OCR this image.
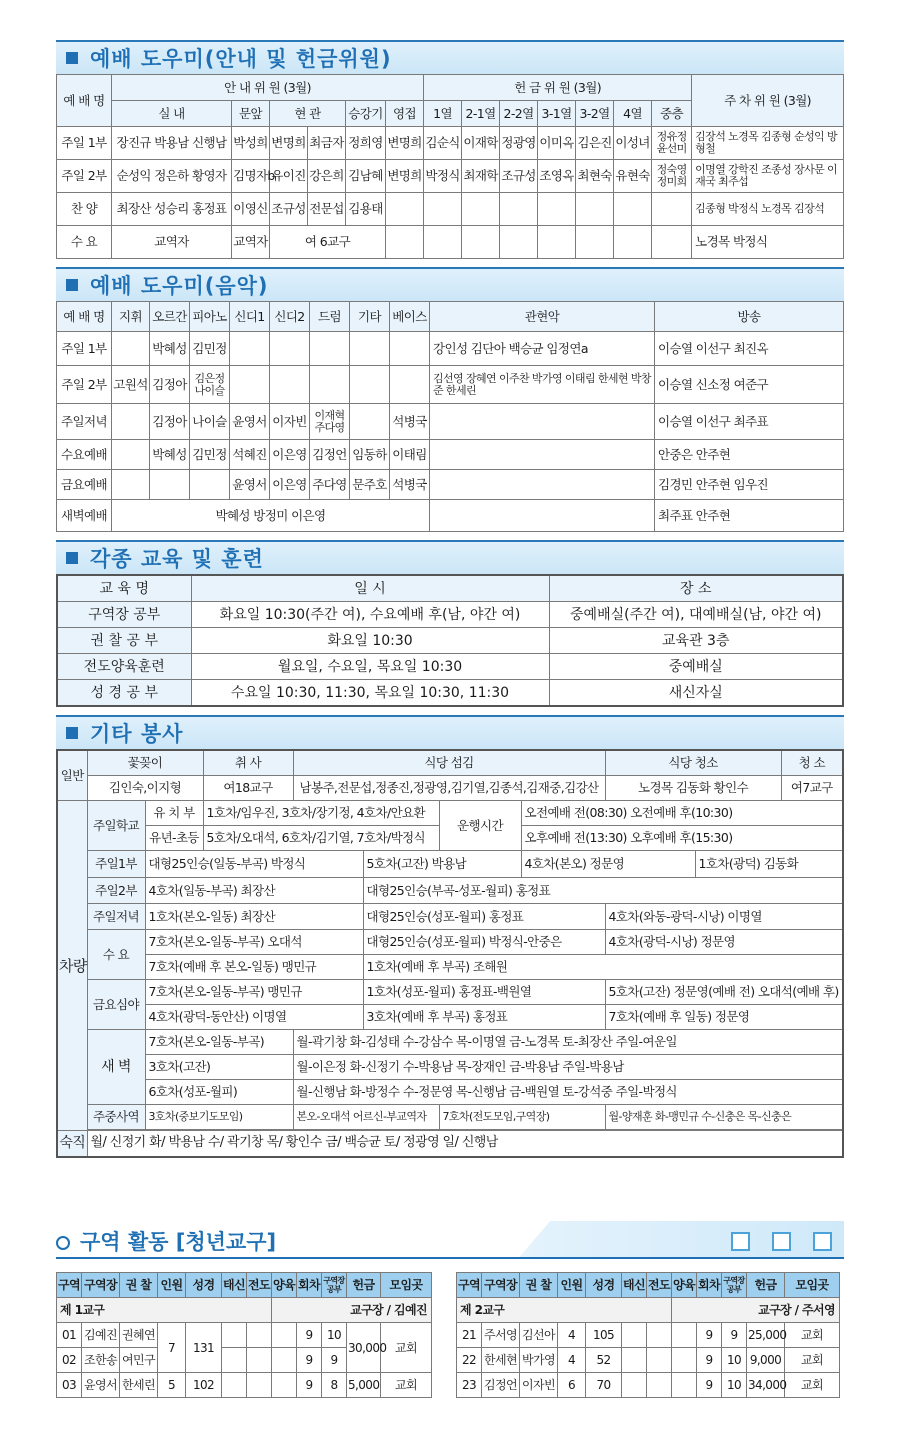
예배 도우미(안내 및 헌금위원)
예 배 명	안 내 위 원 (3월)						헌 금 위 원 (3월)							주 차 위 원 (3월)
	실 내	문앞	현 관		승강기	영접	1열	2-1열	2-2열	3-1열	3-2열	4열	중층	
주일 1부	장진규 박용남 신행남	박성희	변명희	최금자	정희영	변명희	김순식	이재학	정광영	이미옥	김은진	이성녀	정유정 윤선미	김장석 노경목 김종형 순성익 방형철
주일 2부	순성익 정은하 황영자	김명자b	유이진	강은희	김남혜	변명희	박정식	최재학	조규성	조영옥	최현숙	유현숙	정숙영 정미희	이명열 강학진 조종성 장사문 이재국 최주섭
찬 양	최장산 성승리 홍정표	이영신	조규성	전문섭	김용태									김종형 박정식 노경목 김장석
수 요	교역자	교역자	여 6교구											노경목 박정식
예배 도우미(음악)
예 배 명	지휘	오르간	피아노	신디1	신디2	드럼	기타	베이스	관현악	방송
주일 1부		박혜성	김민정						강인성 김단아 백승균 임정연a	이승열 이선구 최진옥
주일 2부	고원석	김정아	김은정 나이슬						김선영 장혜연 이주찬 박가영 이태림 한세현 박창준 한세린	이승열 신소정 여준구
주일저녁		김정아	나이슬	윤영서	이자빈	이재혁 주다영		석병국		이승열 이선구 최주표
수요예배		박혜성	김민정	석혜진	이은영	김정언	임동하	이태림		안중은 안주현
금요예배				윤영서	이은영	주다영	문주호	석병국		김경민 안주현 임우진
새벽예배	박혜성 방정미 이은영									최주표 안주현
각종 교육 및 훈련
교 육 명	일 시	장 소
구역장 공부	화요일 10:30(주간 여), 수요예배 후(남, 야간 여)	중예배실(주간 여), 대예배실(남, 야간 여)
권 찰 공 부	화요일 10:30	교육관 3층
전도양육훈련	월요일, 수요일, 목요일 10:30	중예배실
성 경 공 부	수요일 10:30, 11:30, 목요일 10:30, 11:30	새신자실
기타 봉사
일반	꽃꽂이		취 사	식당 섬김				식당 청소		청 소
	김인숙,이지형		여18교구	남봉주,전문섭,정종진,정광영,김기열,김종석,김재중,김강산				노경목 김동화 황인수		여7교구
차량	주일학교	유 치 부	1호차/임우진, 3호차/장기정, 4호차/안요환			운행시간	오전예배 전(08:30) 오전예배 후(10:30)			
		유년-초등	5호차/오대석, 6호차/김기열, 7호차/박정식				오후예배 전(13:30) 오후예배 후(15:30)			
	주일1부	대형25인승(일동-부곡) 박정식			5호차(고잔) 박용남		4호차(본오) 정문영		1호차(광덕) 김동화	
	주일2부	4호차(일동-부곡) 최장산			대형25인승(부곡-성포-월피) 홍정표					
	주일저녁	1호차(본오-일동) 최장산			대형25인승(성포-월피) 홍정표			4호차(와동-광덕-시낭) 이명열		
	수 요	7호차(본오-일동-부곡) 오대석			대형25인승(성포-월피) 박정식-안중은			4호차(광덕-시낭) 정문영		
		7호차(예배 후 본오-일동) 맹민규			1호차(예배 후 부곡) 조해원					
	금요심야	7호차(본오-일동-부곡) 맹민규			1호차(성포-월피) 홍정표-백원열			5호차(고잔) 정문영(예배 전) 오대석(예배 후)		
		4호차(광덕-동안산) 이명열			3호차(예배 후 부곡) 홍정표			7호차(예배 후 일동) 정문영		
	새 벽	7호차(본오-일동-부곡)		월-곽기창 화-김성태 수-강삼수 목-이명열 금-노경목 토-최장산 주일-여운일						
		3호차(고잔)		월-이은정 화-신정기 수-박용남 목-장재인 금-박용남 주일-박용남						
		6호차(성포-월피)		월-신행남 화-방정수 수-정문영 목-신행남 금-백원열 토-강석중 주일-박정식						
	주중사역	3호차(중보기도모임)		본오-오대석 어르신-부교역자		7호차(전도모임,구역장)		월-양재훈 화-맹민규 수-신충은 목-신충은		

숙직	월/ 신정기 화/ 박용남 수/ 곽기창 목/ 황인수 금/ 백승균 토/ 정광영 일/ 신행남									
구역 활동 [청년교구]
구역	구역장	권 찰	인원	성경	태신	전도	양육	회차	구역장 공부	헌금	모임곳
제 1교구							교구장 / 김예진				
01	김예진	권혜연	7	131				9	10	30,000	교회
02	조한송	여민구						9	9		
03	윤영서	한세린	5	102				9	8	5,000	교회
구역	구역장	권 찰	인원	성경	태신	전도	양육	회차	구역장 공부	헌금	모임곳
제 2교구							교구장 / 주서영				
21	주서영	김선아	4	105				9	9	25,000	교회
22	한세현	박가영	4	52				9	10	9,000	교회
23	김정언	이자빈	6	70				9	10	34,000	교회
